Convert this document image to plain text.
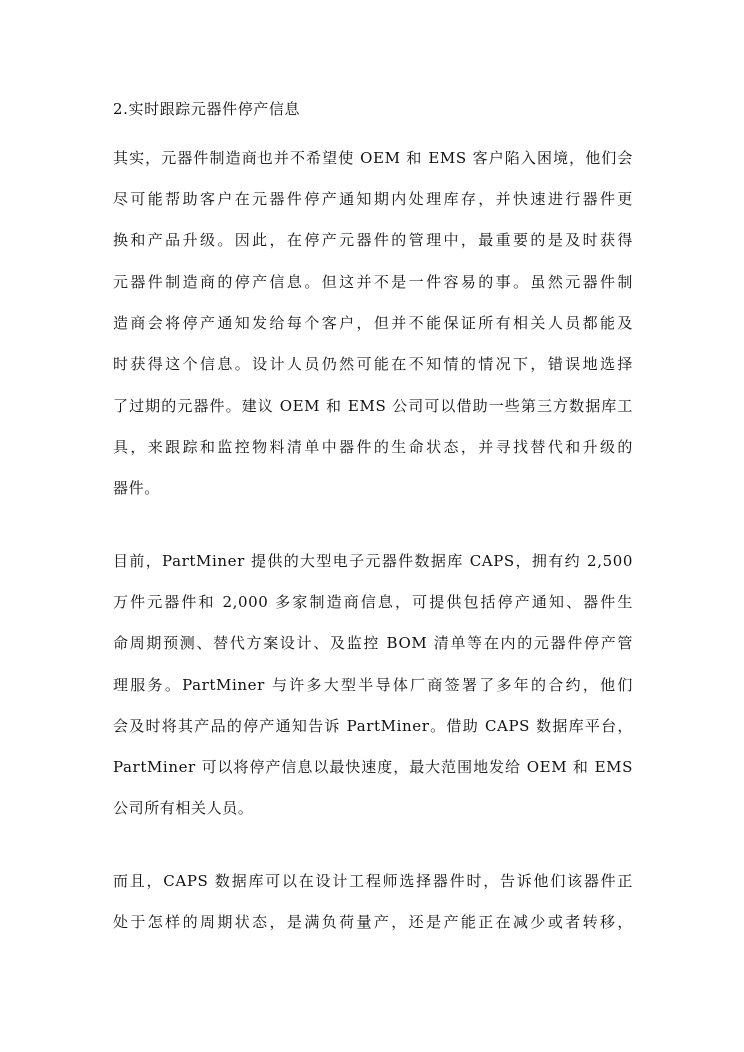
2.实时跟踪元器件停产信息
其实，元器件制造商也并不希望使 OEM 和 EMS 客户陷入困境，他们会
尽可能帮助客户在元器件停产通知期内处理库存，并快速进行器件更
换和产品升级。因此，在停产元器件的管理中，最重要的是及时获得
元器件制造商的停产信息。但这并不是一件容易的事。虽然元器件制
造商会将停产通知发给每个客户，但并不能保证所有相关人员都能及
时获得这个信息。设计人员仍然可能在不知情的情况下，错误地选择
了过期的元器件。建议 OEM 和 EMS 公司可以借助一些第三方数据库工
具，来跟踪和监控物料清单中器件的生命状态，并寻找替代和升级的
器件。
目前，PartMiner 提供的大型电子元器件数据库 CAPS，拥有约 2,500
万件元器件和 2,000 多家制造商信息，可提供包括停产通知、器件生
命周期预测、替代方案设计、及监控 BOM 清单等在内的元器件停产管
理服务。PartMiner 与许多大型半导体厂商签署了多年的合约，他们
会及时将其产品的停产通知告诉 PartMiner。借助 CAPS 数据库平台，
PartMiner 可以将停产信息以最快速度，最大范围地发给 OEM 和 EMS
公司所有相关人员。
而且，CAPS 数据库可以在设计工程师选择器件时，告诉他们该器件正
处于怎样的周期状态，是满负荷量产，还是产能正在减少或者转移，
